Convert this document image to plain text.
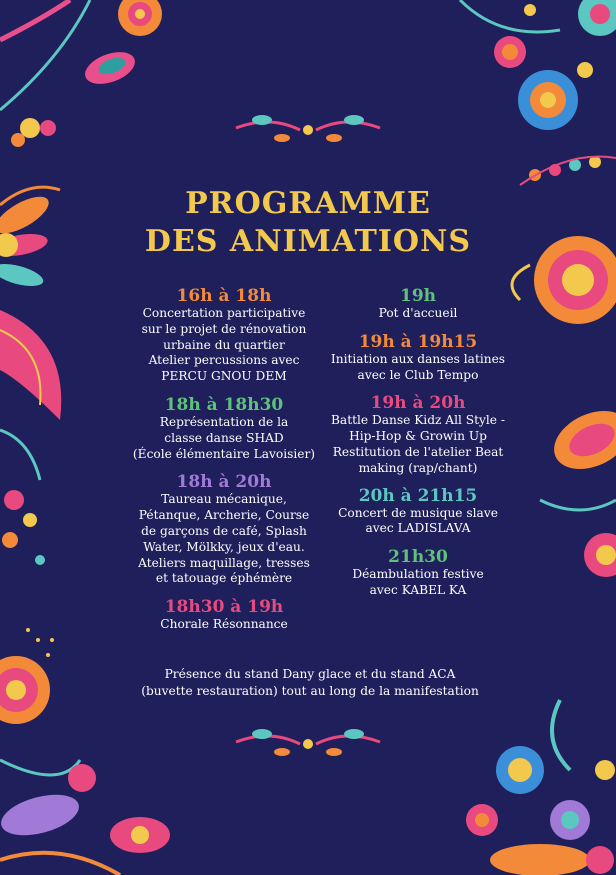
PROGRAMME
DES ANIMATIONS
16h à 18h
Concertation participative
sur le projet de rénovation
urbaine du quartier
Atelier percussions avec
PERCU GNOU DEM
18h à 18h30
Représentation de la
classe danse SHAD
(École élémentaire Lavoisier)
18h à 20h
Taureau mécanique,
Pétanque, Archerie, Course
de garçons de café, Splash
Water, Mölkky, jeux d'eau.
Ateliers maquillage, tresses
et tatouage éphémère
18h30 à 19h
Chorale Résonnance
19h
Pot d'accueil
19h à 19h15
Initiation aux danses latines
avec le Club Tempo
19h à 20h
Battle Danse Kidz All Style -
Hip-Hop & Growin Up
Restitution de l'atelier Beat
making (rap/chant)
20h à 21h15
Concert de musique slave
avec LADISLAVA
21h30
Déambulation festive
avec KABEL KA
Présence du stand Dany glace et du stand ACA
(buvette restauration) tout au long de la manifestation
